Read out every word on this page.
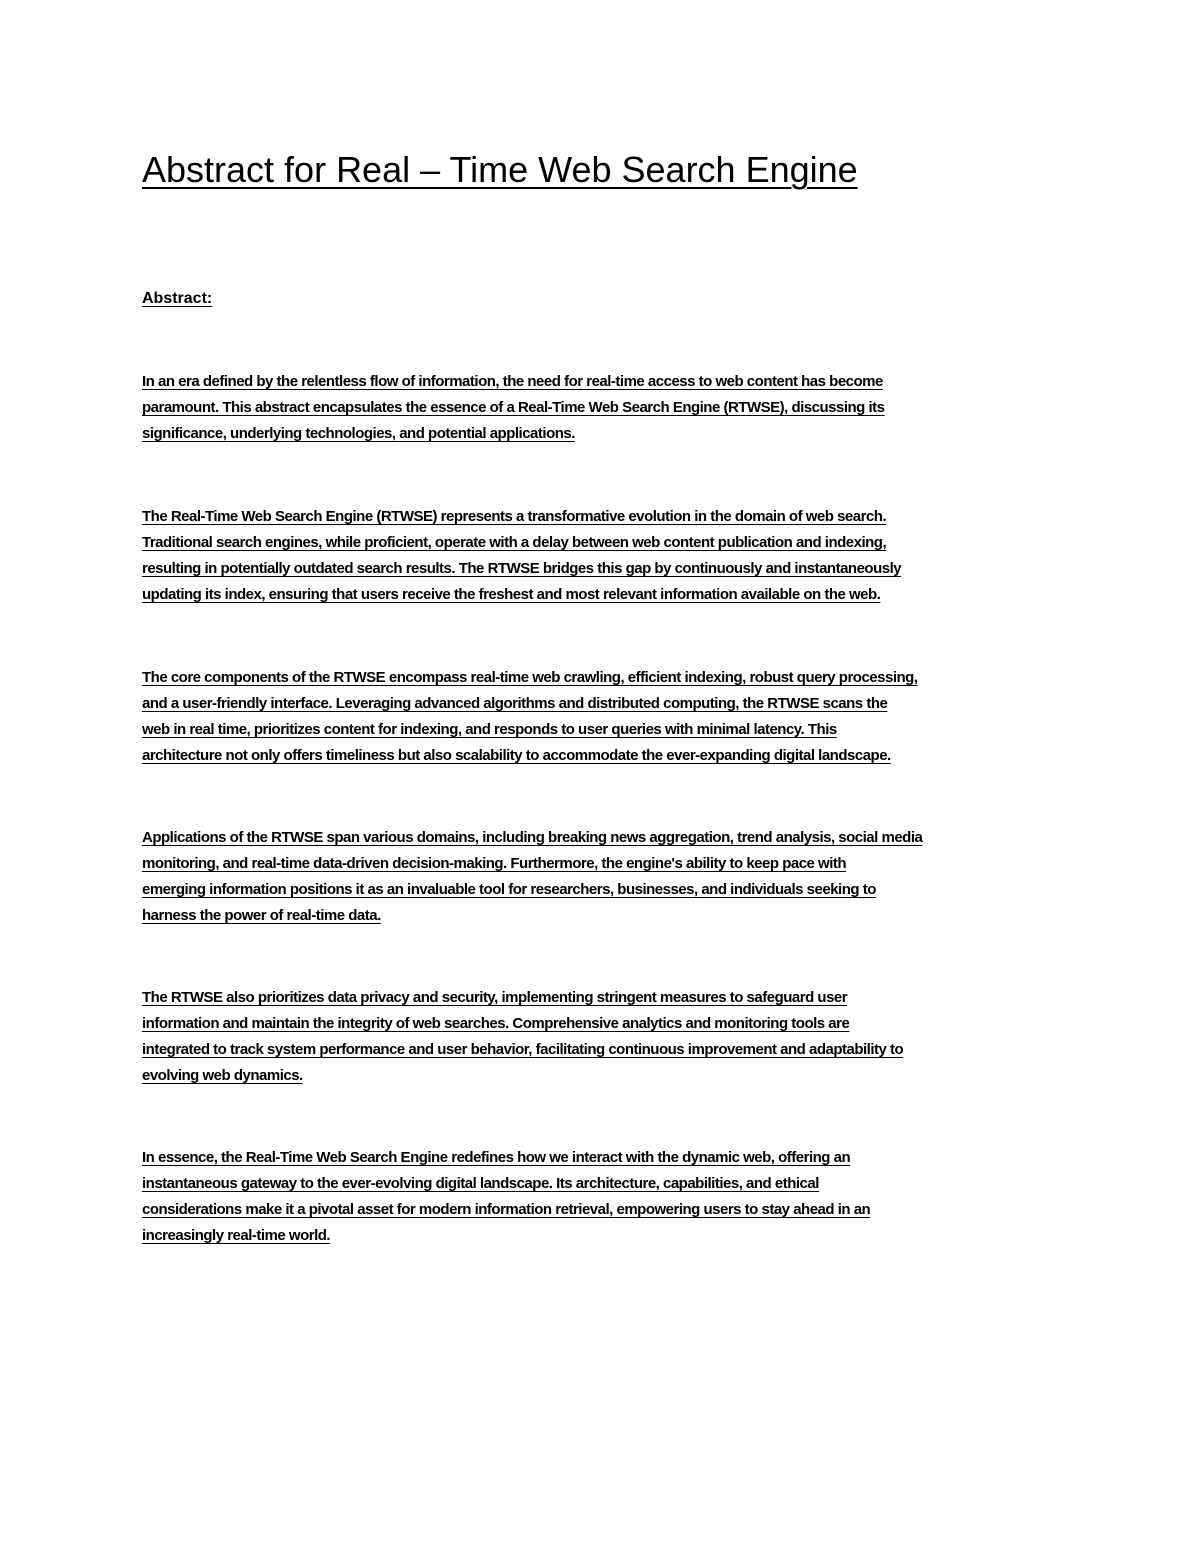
Abstract for Real – Time Web Search Engine
Abstract:

In an era defined by the relentless flow of information, the need for real-time access to web content has become
paramount. This abstract encapsulates the essence of a Real-Time Web Search Engine (RTWSE), discussing its
significance, underlying technologies, and potential applications.

The Real-Time Web Search Engine (RTWSE) represents a transformative evolution in the domain of web search.
Traditional search engines, while proficient, operate with a delay between web content publication and indexing,
resulting in potentially outdated search results. The RTWSE bridges this gap by continuously and instantaneously
updating its index, ensuring that users receive the freshest and most relevant information available on the web.

The core components of the RTWSE encompass real-time web crawling, efficient indexing, robust query processing,
and a user-friendly interface. Leveraging advanced algorithms and distributed computing, the RTWSE scans the
web in real time, prioritizes content for indexing, and responds to user queries with minimal latency. This
architecture not only offers timeliness but also scalability to accommodate the ever-expanding digital landscape.

Applications of the RTWSE span various domains, including breaking news aggregation, trend analysis, social media
monitoring, and real-time data-driven decision-making. Furthermore, the engine's ability to keep pace with
emerging information positions it as an invaluable tool for researchers, businesses, and individuals seeking to
harness the power of real-time data.

The RTWSE also prioritizes data privacy and security, implementing stringent measures to safeguard user
information and maintain the integrity of web searches. Comprehensive analytics and monitoring tools are
integrated to track system performance and user behavior, facilitating continuous improvement and adaptability to
evolving web dynamics.

In essence, the Real-Time Web Search Engine redefines how we interact with the dynamic web, offering an
instantaneous gateway to the ever-evolving digital landscape. Its architecture, capabilities, and ethical
considerations make it a pivotal asset for modern information retrieval, empowering users to stay ahead in an
increasingly real-time world.
